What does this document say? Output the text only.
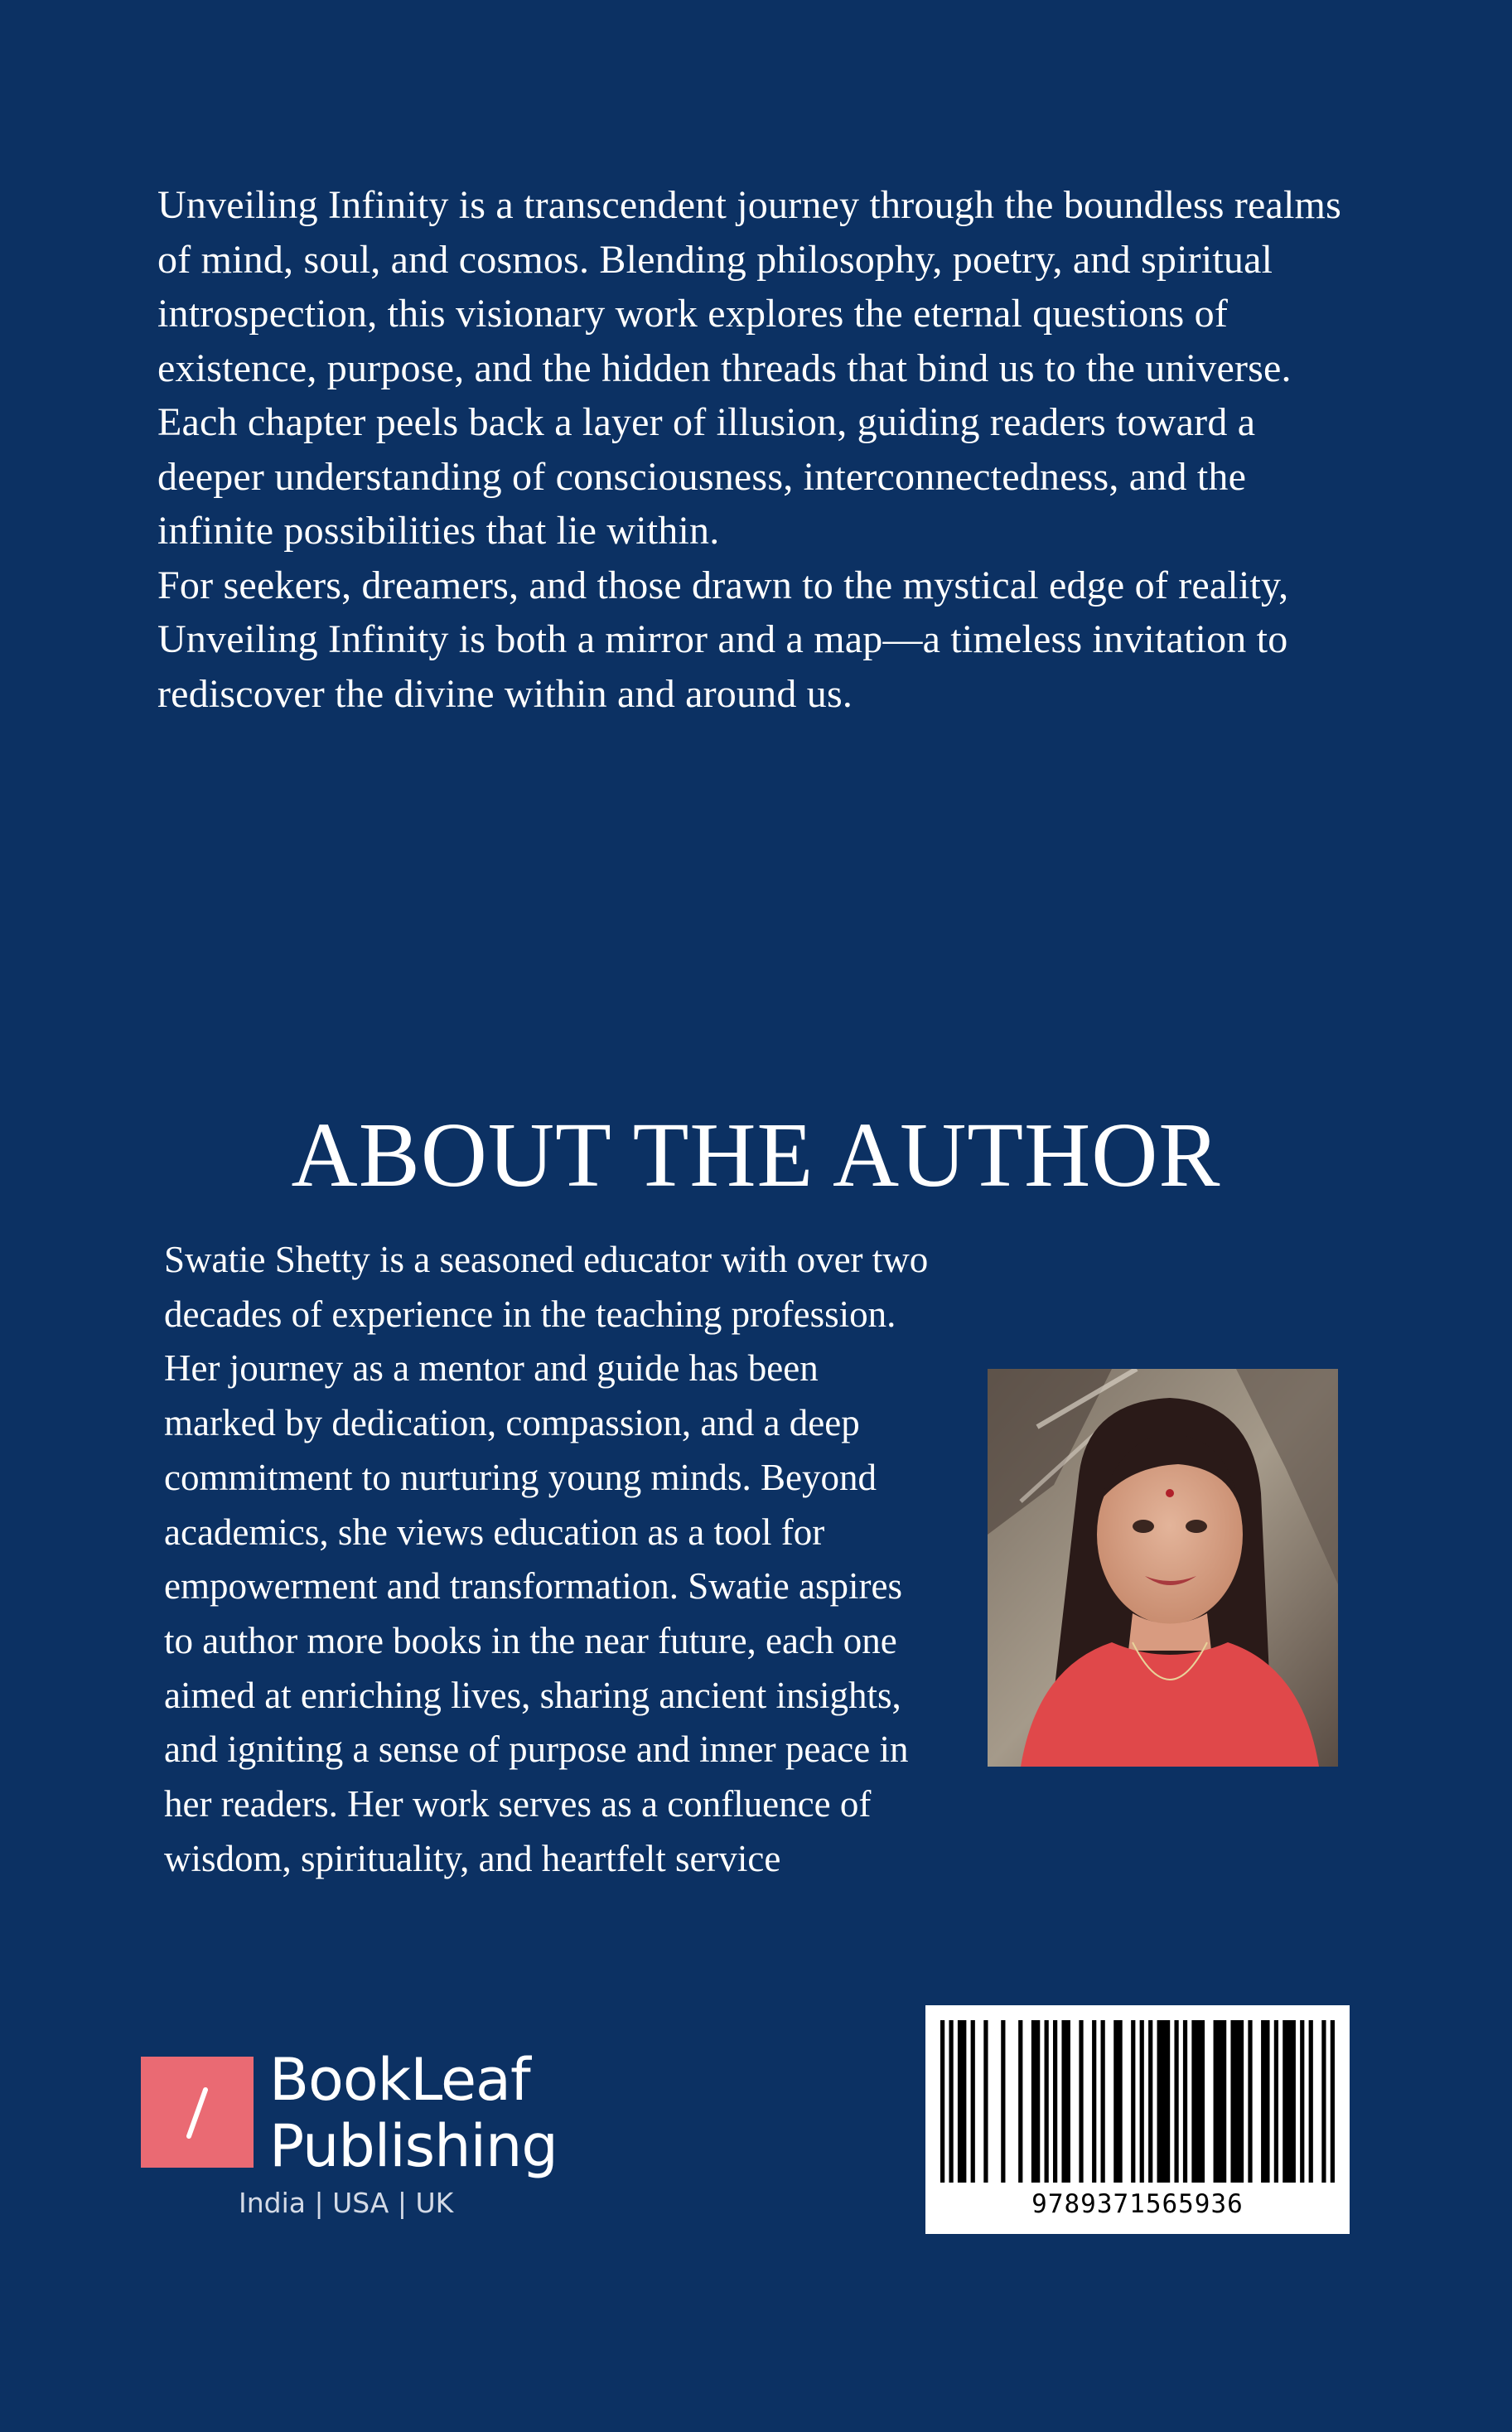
Unveiling Infinity is a transcendent journey through the boundless realms of mind, soul, and cosmos. Blending philosophy, poetry, and spiritual introspection, this visionary work explores the eternal questions of existence, purpose, and the hidden threads that bind us to the universe.

Each chapter peels back a layer of illusion, guiding readers toward a deeper understanding of consciousness, interconnectedness, and the infinite possibilities that lie within.

For seekers, dreamers, and those drawn to the mystical edge of reality, Unveiling Infinity is both a mirror and a map—a timeless invitation to rediscover the divine within and around us.

ABOUT THE AUTHOR

Swatie Shetty is a seasoned educator with over two decades of experience in the teaching profession. Her journey as a mentor and guide has been marked by dedication, compassion, and a deep commitment to nurturing young minds. Beyond academics, she views education as a tool for empowerment and transformation. Swatie aspires to author more books in the near future, each one aimed at enriching lives, sharing ancient insights, and igniting a sense of purpose and inner peace in her readers. Her work serves as a confluence of wisdom, spirituality, and heartfelt service

BookLeaf
Publishing
India | USA | UK	9789371565936
